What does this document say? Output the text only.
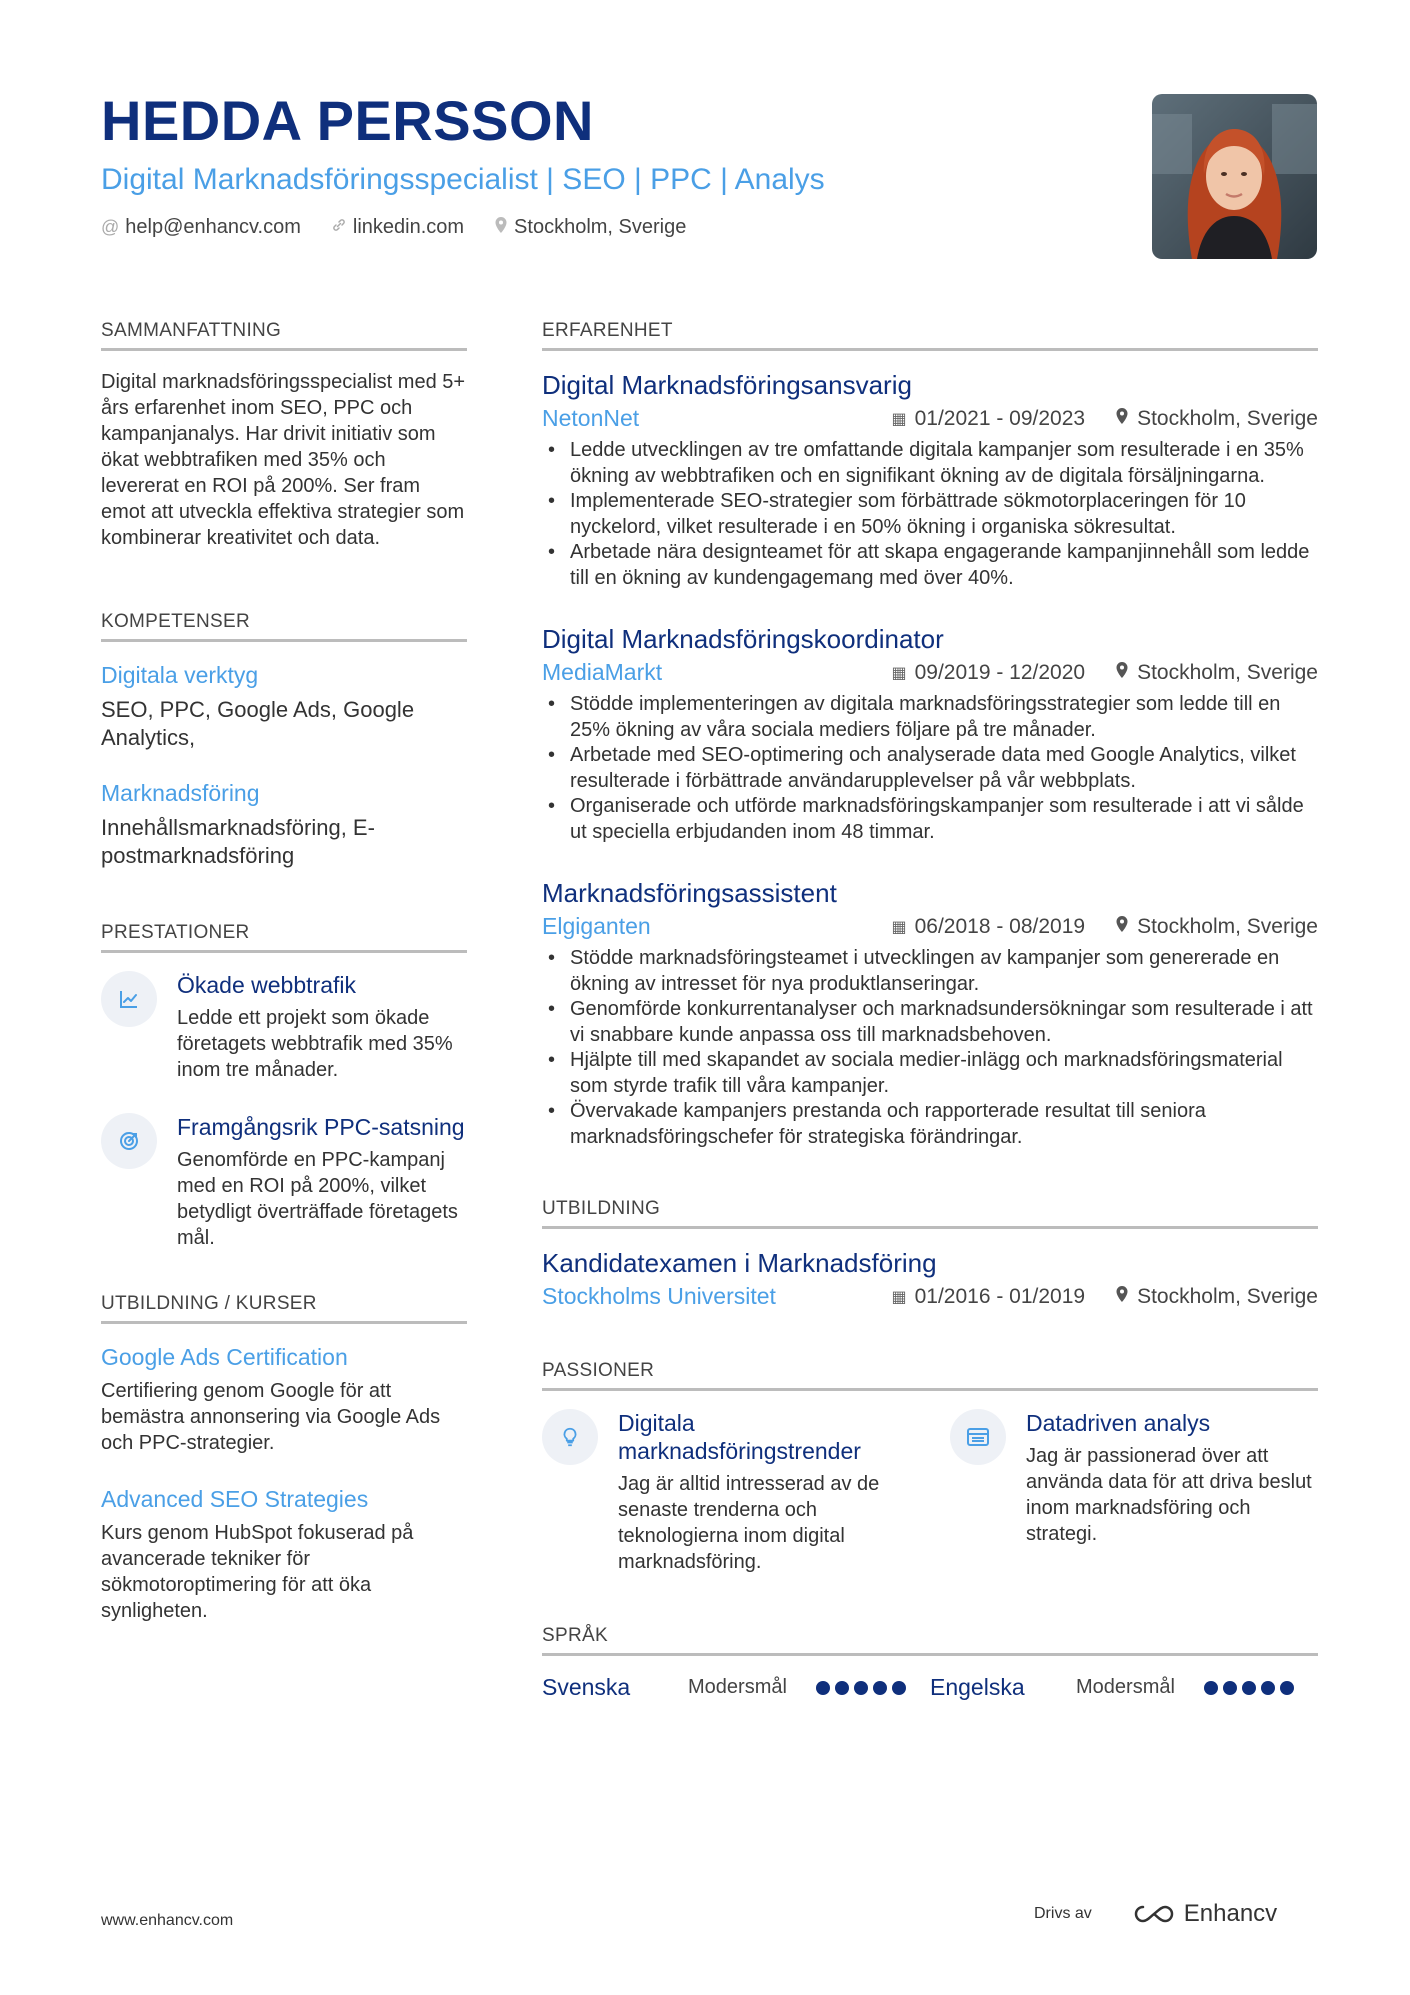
HEDDA PERSSON
Digital Marknadsföringsspecialist | SEO | PPC | Analys
@ help@enhancv.com	linkedin.com	Stockholm, Sverige
SAMMANFATTNING
Digital marknadsföringsspecialist med 5+ års erfarenhet inom SEO, PPC och kampanjanalys. Har drivit initiativ som ökat webbtrafiken med 35% och levererat en ROI på 200%. Ser fram emot att utveckla effektiva strategier som kombinerar kreativitet och data.
KOMPETENSER
Digitala verktyg
SEO, PPC, Google Ads, Google Analytics,
Marknadsföring
Innehållsmarknadsföring, E-postmarknadsföring
PRESTATIONER
Ökade webbtrafik
Ledde ett projekt som ökade företagets webbtrafik med 35% inom tre månader.
Framgångsrik PPC-satsning
Genomförde en PPC-kampanj med en ROI på 200%, vilket betydligt överträffade företagets mål.
UTBILDNING / KURSER
Google Ads Certification
Certifiering genom Google för att bemästra annonsering via Google Ads och PPC-strategier.
Advanced SEO Strategies
Kurs genom HubSpot fokuserad på avancerade tekniker för sökmotoroptimering för att öka synligheten.
ERFARENHET
Digital Marknadsföringsansvarig
NetonNet	▦ 01/2021 - 09/2023 Stockholm, Sverige
• Ledde utvecklingen av tre omfattande digitala kampanjer som resulterade i en 35% ökning av webbtrafiken och en signifikant ökning av de digitala försäljningarna.
• Implementerade SEO-strategier som förbättrade sökmotorplaceringen för 10 nyckelord, vilket resulterade i en 50% ökning i organiska sökresultat.
• Arbetade nära designteamet för att skapa engagerande kampanjinnehåll som ledde till en ökning av kundengagemang med över 40%.
Digital Marknadsföringskoordinator
MediaMarkt	▦ 09/2019 - 12/2020 Stockholm, Sverige
• Stödde implementeringen av digitala marknadsföringsstrategier som ledde till en 25% ökning av våra sociala mediers följare på tre månader.
• Arbetade med SEO-optimering och analyserade data med Google Analytics, vilket resulterade i förbättrade användarupplevelser på vår webbplats.
• Organiserade och utförde marknadsföringskampanjer som resulterade i att vi sålde ut speciella erbjudanden inom 48 timmar.
Marknadsföringsassistent
Elgiganten	▦ 06/2018 - 08/2019 Stockholm, Sverige
• Stödde marknadsföringsteamet i utvecklingen av kampanjer som genererade en ökning av intresset för nya produktlanseringar.
• Genomförde konkurrentanalyser och marknadsundersökningar som resulterade i att vi snabbare kunde anpassa oss till marknadsbehoven.
• Hjälpte till med skapandet av sociala medier-inlägg och marknadsföringsmaterial som styrde trafik till våra kampanjer.
• Övervakade kampanjers prestanda och rapporterade resultat till seniora marknadsföringschefer för strategiska förändringar.
UTBILDNING
Kandidatexamen i Marknadsföring
Stockholms Universitet	▦ 01/2016 - 01/2019 Stockholm, Sverige
PASSIONER
Digitala marknadsföringstrender
Jag är alltid intresserad av de senaste trenderna och teknologierna inom digital marknadsföring.
Datadriven analys
Jag är passionerad över att använda data för att driva beslut inom marknadsföring och strategi.
SPRÅK
Svenska	Modersmål	Engelska	Modersmål
www.enhancv.com	Drivs av	Enhancv
